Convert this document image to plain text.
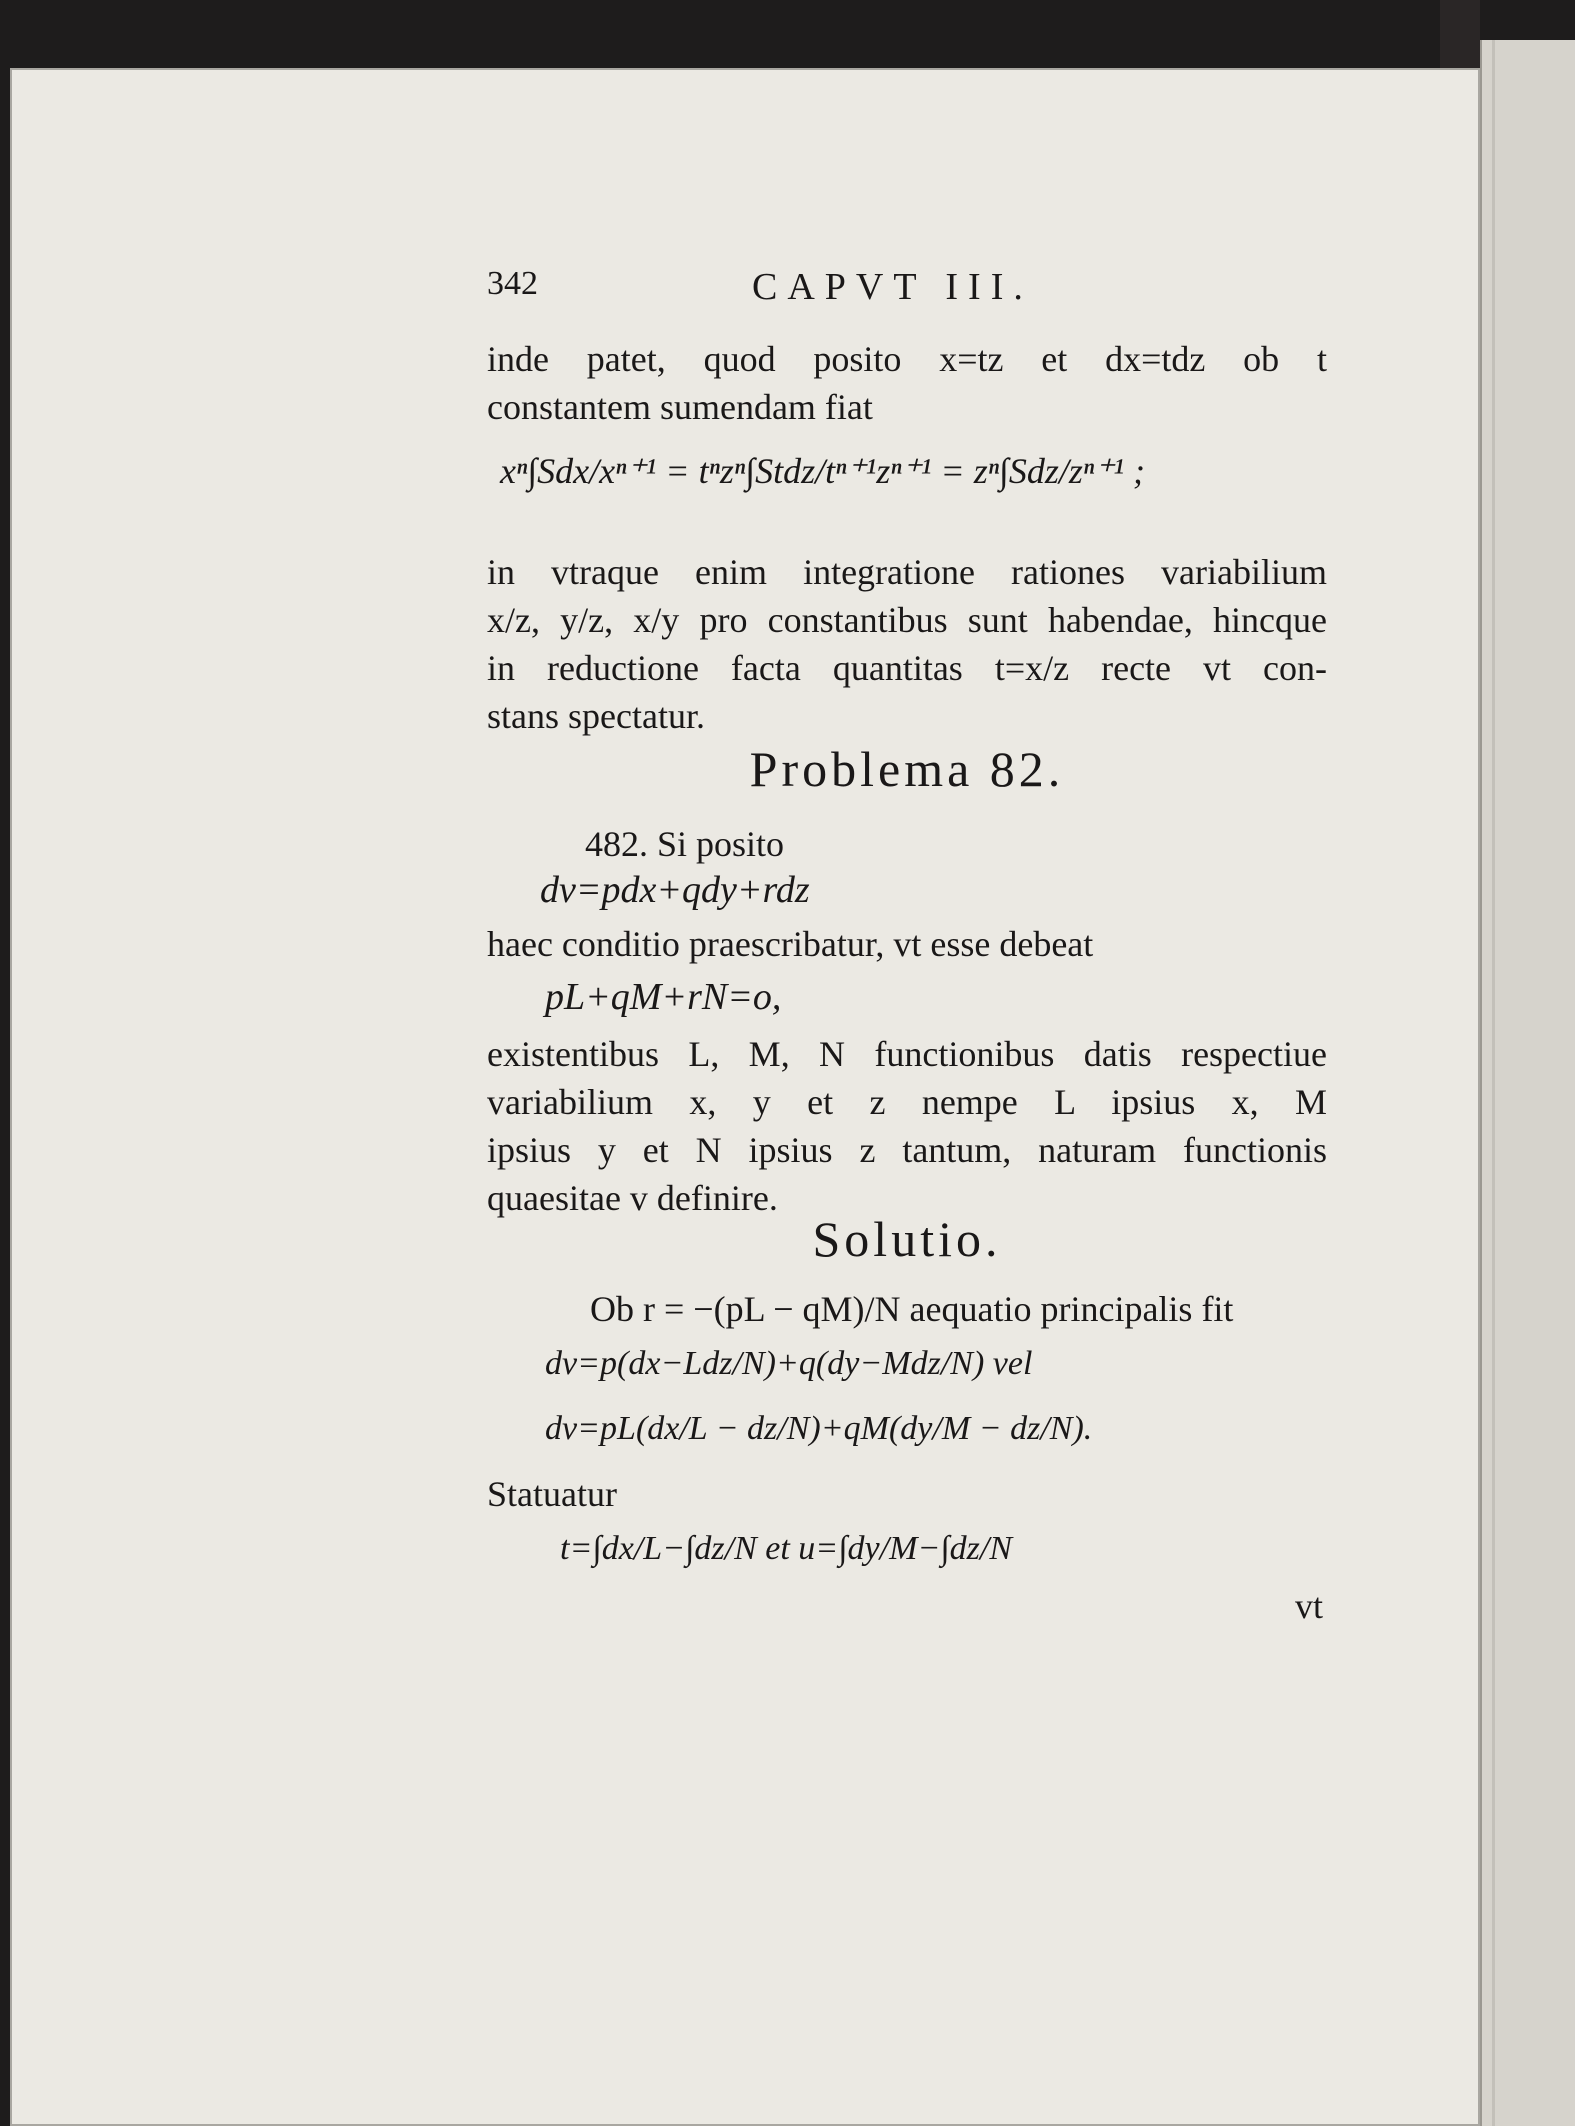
342	CAPVT III.
inde patet, quod posito x=tz et dx=tdz ob t
constantem sumendam fiat
xⁿ∫Sdx/xⁿ⁺¹ = tⁿzⁿ∫Stdz/tⁿ⁺¹zⁿ⁺¹ = zⁿ∫Sdz/zⁿ⁺¹ ;
in vtraque enim integratione rationes variabilium
x/z, y/z, x/y pro constantibus sunt habendae, hincque
in reductione facta quantitas t=x/z recte vt con-
stans spectatur.
Problema 82.
482. Si posito
dv=pdx+qdy+rdz
haec conditio praescribatur, vt esse debeat
pL+qM+rN=o,
existentibus L, M, N functionibus datis respectiue
variabilium x, y et z nempe L ipsius x, M
ipsius y et N ipsius z tantum, naturam functionis
quaesitae v definire.
Solutio.
Ob r = −(pL − qM)/N aequatio principalis fit
dv=p(dx−Ldz/N)+q(dy−Mdz/N) vel
dv=pL(dx/L − dz/N)+qM(dy/M − dz/N).
Statuatur
t=∫dx/L−∫dz/N et u=∫dy/M−∫dz/N
vt
